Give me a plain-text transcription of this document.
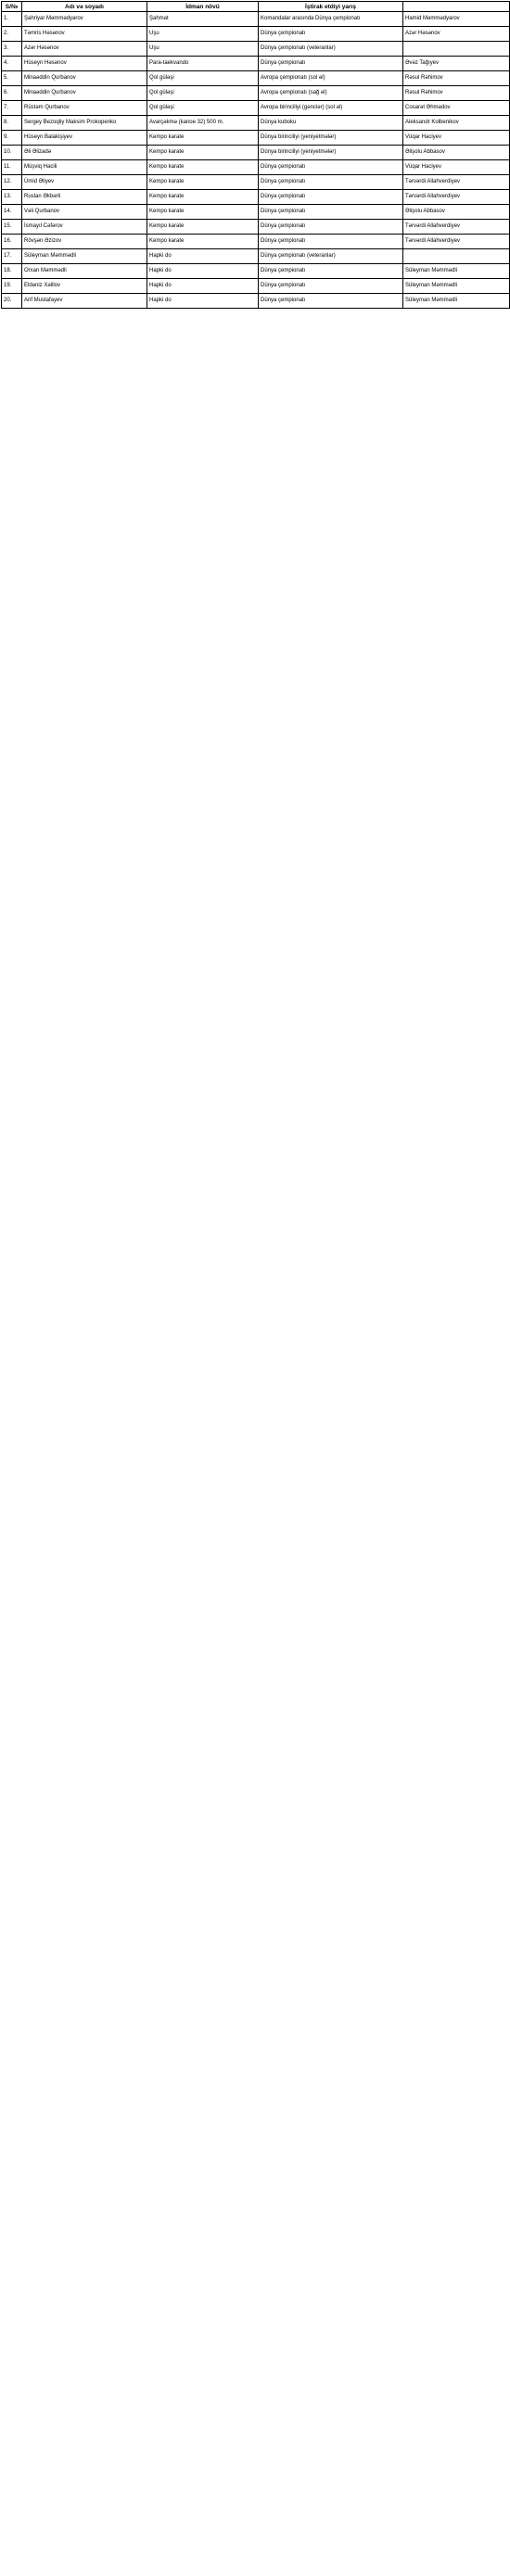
S/№	Adı və soyadı	İdman növü	İştirak etdiyi yarış	
1.	Şahriyar Məmmədyarov	Şahmat	Komandalar arasında Dünya çempionatı	Hamid Məmmədyarov
2.	Təmris Həsənov	Uşu	Dünya çempionatı	Azər Həsənov
3.	Azər Həsənov	Uşu	Dünya çempionatı (veteranlar)	
4.	Hüseyn Həsənov	Para-taekvando	Dünya çempionatı	Əvəz Tağıyev
5.	Minaəddin Qurbanov	Qol güləşi	Avropa çempionatı (sol əl)	Rəsul Rəhimov
6.	Minaəddin Qurbanov	Qol güləşi	Avropa çempionatı (sağ əl)	Rəsul Rəhimov
7.	Rüstəm Qurbanov	Qol güləşi	Avropa birinciliyi (gənclər) (sol əl)	Cosarət Əhmədov
8.	Sergey Bezoqliy Maksim Prokopenko	Avarçəkmə (kanoe 32) 500 m.	Dünya kuboku	Aleksandr Kolbenikov
9.	Hüseyn Balakişiyev	Kempo karate	Dünya birinciliyi (yeniyetmələr)	Vüqar Haciyev
10.	Əli Əlizadə	Kempo karate	Dünya birinciliyi (yeniyetmələr)	Əlişolu Abbasov
11.	Müşviq Hacili	Kempo karate	Dünya çempionatı	Vüqar Haciyev
12.	Ümid Əliyev	Kempo karate	Dünya çempionatı	Tərvərdi Allahverdiyev
13.	Ruslan Əkbərli	Kempo karate	Dünya çempionatı	Tərvərdi Allahverdiyev
14.	Vəli Qurbanov	Kempo karate	Dünya çempionatı	Əlişolu Abbasov
15.	İsmayıl Cəfərov	Kempo karate	Dünya çempionatı	Tərvərdi Allahverdiyev
16.	Rövşən Əzizov	Kempo karate	Dünya çempionatı	Tərvərdi Allahverdiyev
17.	Süleyman Məmmədli	Hapki do	Dünya çempionatı (veteranlar)	
18.	Orxan Məmmədli	Hapki do	Dünya çempionatı	Süleyman Məmmədli
19.	Eldəniz Xəlilov	Hapki do	Dünya çempionatı	Süleyman Məmmədli
20.	Arif Mustafayev	Hapki do	Dünya çempionatı	Süleyman Məmmədli
